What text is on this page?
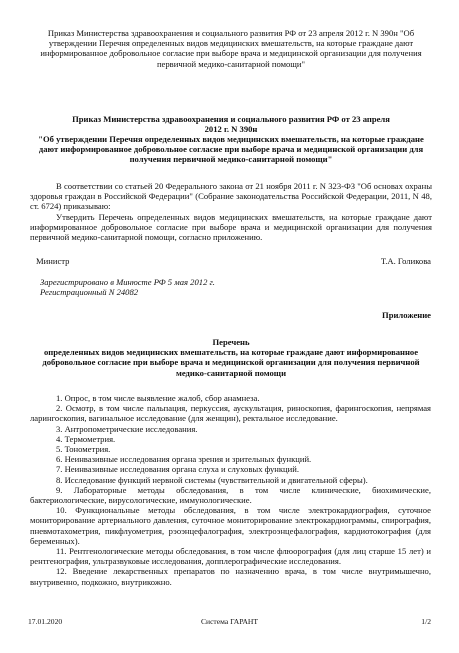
Приказ Министерства здравоохранения и социального развития РФ от 23 апреля 2012 г. N 390н "Об утверждении Перечня определенных видов медицинских вмешательств, на которые граждане дают информированное добровольное согласие при выборе врача и медицинской организации для получения первичной медико-санитарной помощи"

Приказ Министерства здравоохранения и социального развития РФ от 23 апреля

2012 г. N 390н

"Об утверждении Перечня определенных видов медицинских вмешательств, на которые граждане дают информированное добровольное согласие при выборе врача и медицинской организации для получения первичной медико-санитарной помощи"

В соответствии со статьей 20 Федерального закона от 21 ноября 2011 г. N 323-ФЗ "Об основах охраны здоровья граждан в Российской Федерации" (Собрание законодательства Российской Федерации, 2011, N 48, ст. 6724) приказываю:

Утвердить Перечень определенных видов медицинских вмешательств, на которые граждане дают информированное добровольное согласие при выборе врача и медицинской организации для получения первичной медико-санитарной помощи, согласно приложению.

Министр	Т.А. Голикова

Зарегистрировано в Минюсте РФ 5 мая 2012 г.

Регистрационный N 24082

Приложение

Перечень

определенных видов медицинских вмешательств, на которые граждане дают информированное добровольное согласие при выборе врача и медицинской организации для получения первичной медико-санитарной помощи

1. Опрос, в том числе выявление жалоб, сбор анамнеза.
2. Осмотр, в том числе пальпация, перкуссия, аускультация, риноскопия, фарингоскопия, непрямая ларингоскопия, вагинальное исследование (для женщин), ректальное исследование.
3. Антропометрические исследования.
4. Термометрия.
5. Тонометрия.
6. Неинвазивные исследования органа зрения и зрительных функций.
7. Неинвазивные исследования органа слуха и слуховых функций.
8. Исследование функций нервной системы (чувствительной и двигательной сферы).
9. Лабораторные методы обследования, в том числе клинические, биохимические, бактериологические, вирусологические, иммунологические.
10. Функциональные методы обследования, в том числе электрокардиография, суточное мониторирование артериального давления, суточное мониторирование электрокардиограммы, спирография, пневмотахометрия, пикфлуометрия, рэоэнцефалография, электроэнцефалография, кардиотокография (для беременных).
11. Рентгенологические методы обследования, в том числе флюорография (для лиц старше 15 лет) и рентгенография, ультразвуковые исследования, допплерографические исследования.
12. Введение лекарственных препаратов по назначению врача, в том числе внутримышечно, внутривенно, подкожно, внутрикожно.
17.01.2020	Система ГАРАНТ	1/2
